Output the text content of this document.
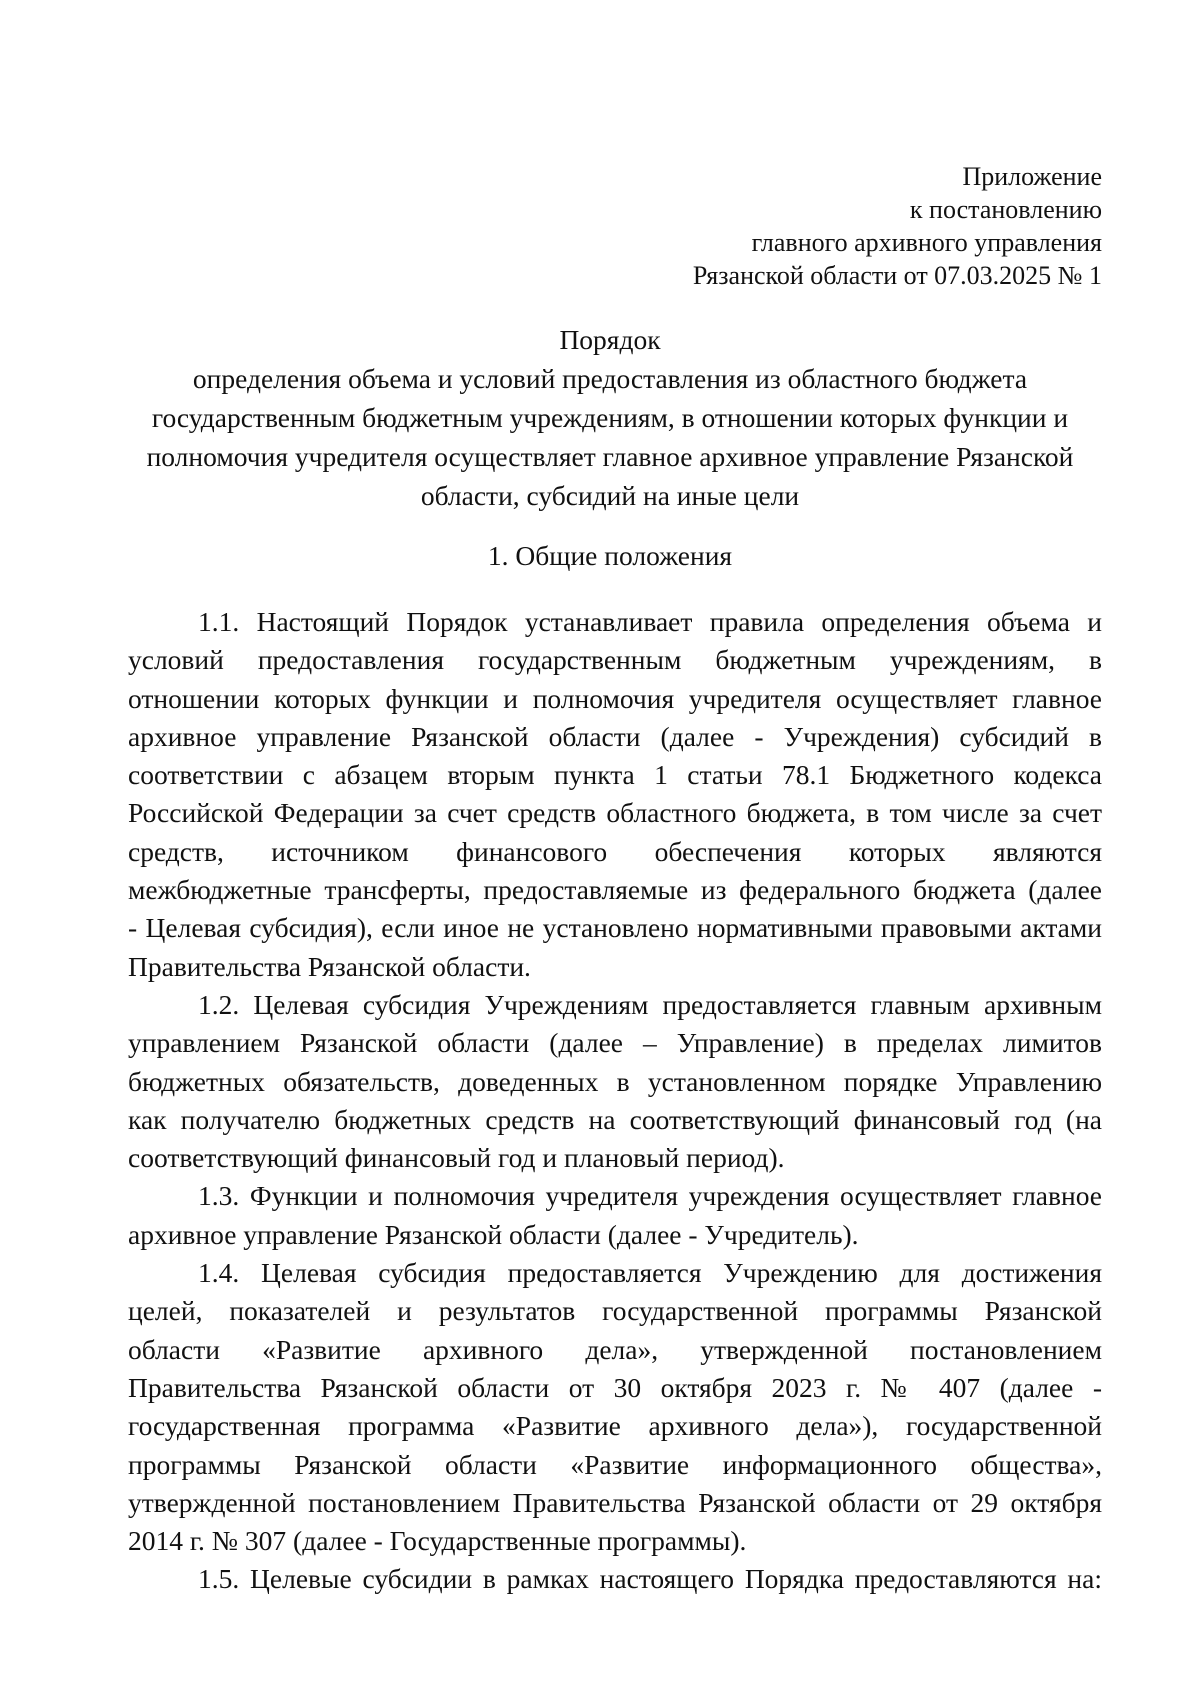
Приложение
к постановлению
главного архивного управления
Рязанской области от 07.03.2025 № 1
Порядок
определения объема и условий предоставления из областного бюджета
государственным бюджетным учреждениям, в отношении которых функции и
полномочия учредителя осуществляет главное архивное управление Рязанской
области, субсидий на иные цели
1. Общие положения
1.1. Настоящий Порядок устанавливает правила определения объема и
условий предоставления государственным бюджетным учреждениям, в
отношении которых функции и полномочия учредителя осуществляет главное
архивное управление Рязанской области (далее - Учреждения) субсидий в
соответствии с абзацем вторым пункта 1 статьи 78.1 Бюджетного кодекса
Российской Федерации за счет средств областного бюджета, в том числе за счет
средств, источником финансового обеспечения которых являются
межбюджетные трансферты, предоставляемые из федерального бюджета (далее
- Целевая субсидия), если иное не установлено нормативными правовыми актами
Правительства Рязанской области.
1.2. Целевая субсидия Учреждениям предоставляется главным архивным
управлением Рязанской области (далее – Управление) в пределах лимитов
бюджетных обязательств, доведенных в установленном порядке Управлению
как получателю бюджетных средств на соответствующий финансовый год (на
соответствующий финансовый год и плановый период).
1.3. Функции и полномочия учредителя учреждения осуществляет главное
архивное управление Рязанской области (далее - Учредитель).
1.4. Целевая субсидия предоставляется Учреждению для достижения
целей, показателей и результатов государственной программы Рязанской
области «Развитие архивного дела», утвержденной постановлением
Правительства Рязанской области от 30 октября 2023 г. № 407 (далее -
государственная программа «Развитие архивного дела»), государственной
программы Рязанской области «Развитие информационного общества»,
утвержденной постановлением Правительства Рязанской области от 29 октября
2014 г. № 307 (далее - Государственные программы).
1.5. Целевые субсидии в рамках настоящего Порядка предоставляются на:
